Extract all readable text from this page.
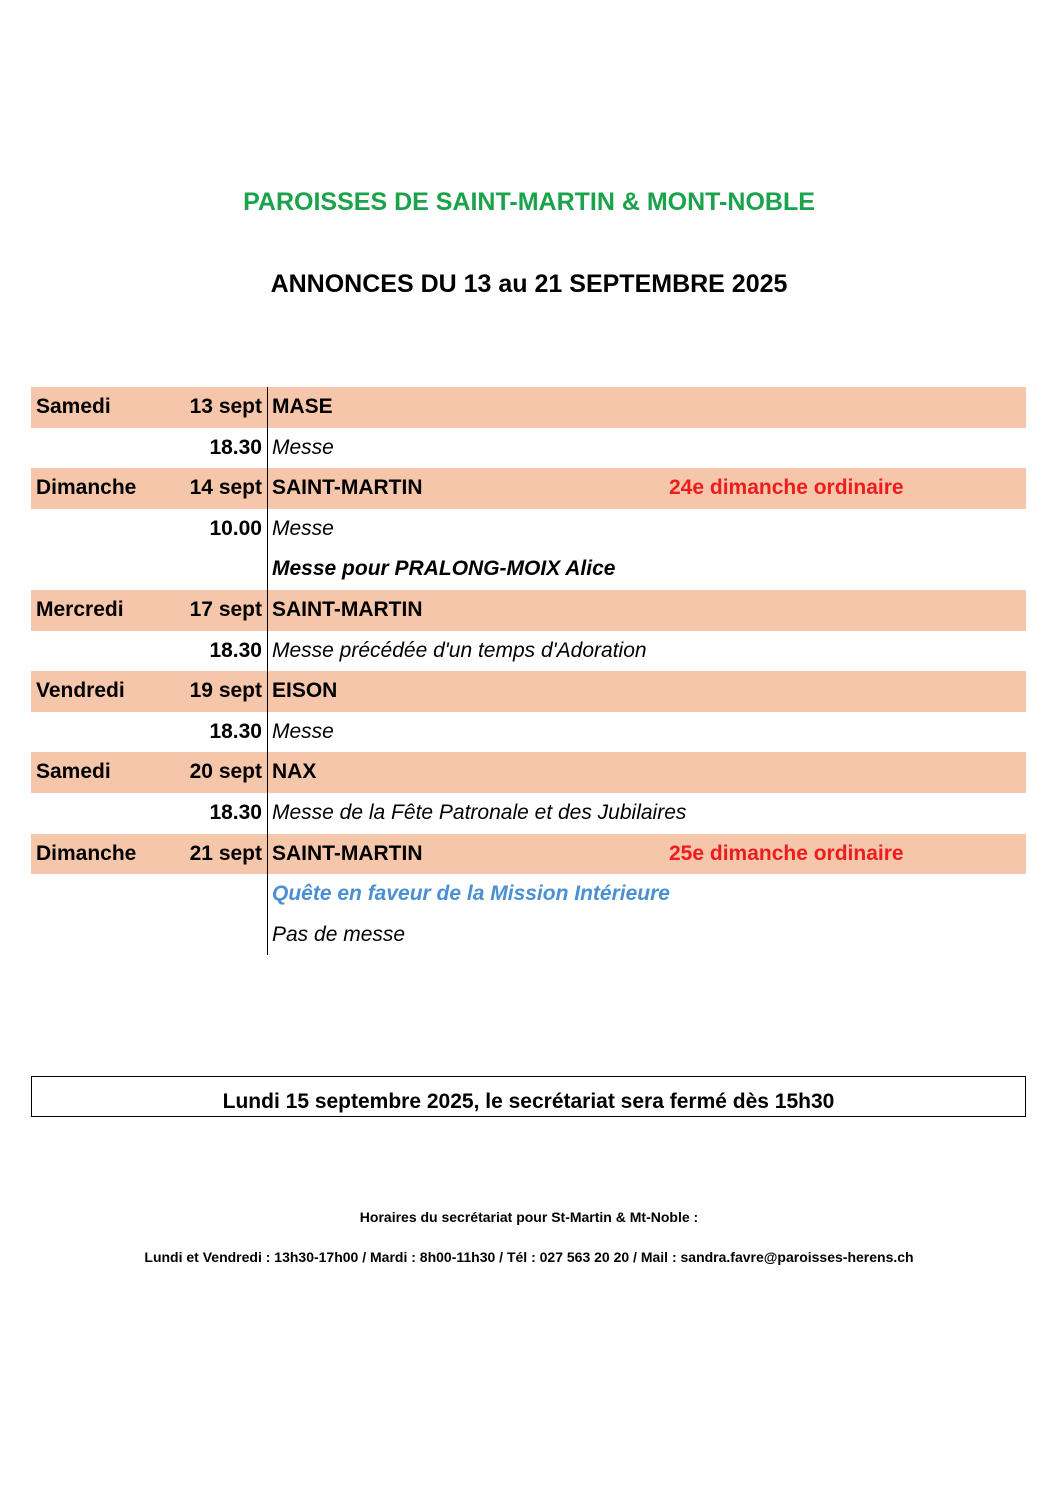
PAROISSES DE SAINT-MARTIN & MONT-NOBLE
ANNONCES DU 13 au 21 SEPTEMBRE 2025
Samedi	13 sept MASE
18.30 Messe
Dimanche	14 sept SAINT-MARTIN	24e dimanche ordinaire
10.00 Messe
Messe pour PRALONG-MOIX Alice
Mercredi	17 sept SAINT-MARTIN
18.30 Messe précédée d'un temps d'Adoration
Vendredi	19 sept EISON
18.30 Messe
Samedi	20 sept NAX
18.30 Messe de la Fête Patronale et des Jubilaires
Dimanche	21 sept SAINT-MARTIN	25e dimanche ordinaire
Quête en faveur de la Mission Intérieure
Pas de messe
Lundi 15 septembre 2025, le secrétariat sera fermé dès 15h30
Horaires du secrétariat pour St-Martin & Mt-Noble :
Lundi et Vendredi : 13h30-17h00 / Mardi : 8h00-11h30 / Tél : 027 563 20 20 / Mail : sandra.favre@paroisses-herens.ch
